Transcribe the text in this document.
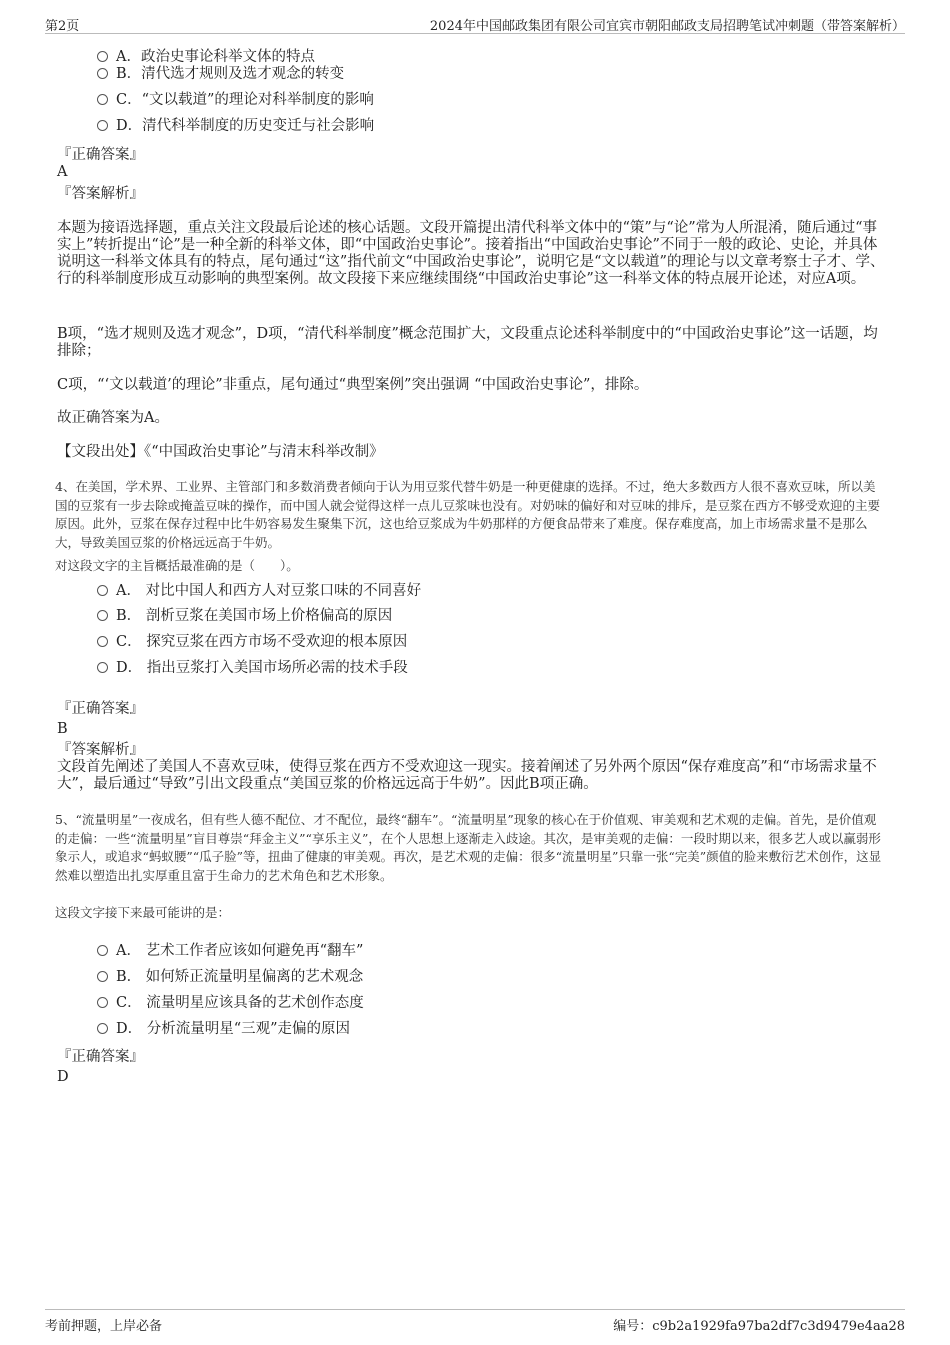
第2页	2024年中国邮政集团有限公司宜宾市朝阳邮政支局招聘笔试冲刺题（带答案解析）
A．政治史事论科举文体的特点
B．清代选才规则及选才观念的转变
C．“文以载道”的理论对科举制度的影响
D．清代科举制度的历史变迁与社会影响
『正确答案』
A
『答案解析』
本题为接语选择题，重点关注文段最后论述的核心话题。文段开篇提出清代科举文体中的“策”与“论”常为人所混淆，随后通过“事实上”转折提出“论”是一种全新的科举文体，即“中国政治史事论”。接着指出“中国政治史事论”不同于一般的政论、史论，并具体说明这一科举文体具有的特点，尾句通过“这”指代前文“中国政治史事论”，说明它是“文以载道”的理论与以文章考察士子才、学、行的科举制度形成互动影响的典型案例。故文段接下来应继续围绕“中国政治史事论”这一科举文体的特点展开论述，对应A项。
B项，“选才规则及选才观念”，D项，“清代科举制度”概念范围扩大，文段重点论述科举制度中的“中国政治史事论”这一话题，均排除；
C项，“‘文以载道’的理论”非重点，尾句通过“典型案例”突出强调 “中国政治史事论”，排除。
故正确答案为A。
【文段出处】《“中国政治史事论”与清末科举改制》
4、在美国，学术界、工业界、主管部门和多数消费者倾向于认为用豆浆代替牛奶是一种更健康的选择。不过，绝大多数西方人很不喜欢豆味，所以美国的豆浆有一步去除或掩盖豆味的操作，而中国人就会觉得这样一点儿豆浆味也没有。对奶味的偏好和对豆味的排斥，是豆浆在西方不够受欢迎的主要原因。此外，豆浆在保存过程中比牛奶容易发生聚集下沉，这也给豆浆成为牛奶那样的方便食品带来了难度。保存难度高，加上市场需求量不是那么大，导致美国豆浆的价格远远高于牛奶。
对这段文字的主旨概括最准确的是（　　）。
A． 对比中国人和西方人对豆浆口味的不同喜好
B． 剖析豆浆在美国市场上价格偏高的原因
C． 探究豆浆在西方市场不受欢迎的根本原因
D． 指出豆浆打入美国市场所必需的技术手段
『正确答案』
B
『答案解析』
文段首先阐述了美国人不喜欢豆味，使得豆浆在西方不受欢迎这一现实。接着阐述了另外两个原因“保存难度高”和“市场需求量不大”，最后通过“导致”引出文段重点“美国豆浆的价格远远高于牛奶”。因此B项正确。
5、“流量明星”一夜成名，但有些人德不配位、才不配位，最终“翻车”。“流量明星”现象的核心在于价值观、审美观和艺术观的走偏。首先，是价值观的走偏：一些“流量明星”盲目尊崇“拜金主义”“享乐主义”，在个人思想上逐渐走入歧途。其次，是审美观的走偏：一段时期以来，很多艺人或以赢弱形象示人，或追求“蚂蚁腰”“瓜子脸”等，扭曲了健康的审美观。再次，是艺术观的走偏：很多“流量明星”只靠一张“完美”颜值的脸来敷衍艺术创作，这显然难以塑造出扎实厚重且富于生命力的艺术角色和艺术形象。
这段文字接下来最可能讲的是：
A． 艺术工作者应该如何避免再“翻车”
B． 如何矫正流量明星偏离的艺术观念
C． 流量明星应该具备的艺术创作态度
D． 分析流量明星“三观”走偏的原因
『正确答案』
D
考前押题，上岸必备	编号：c9b2a1929fa97ba2df7c3d9479e4aa28
